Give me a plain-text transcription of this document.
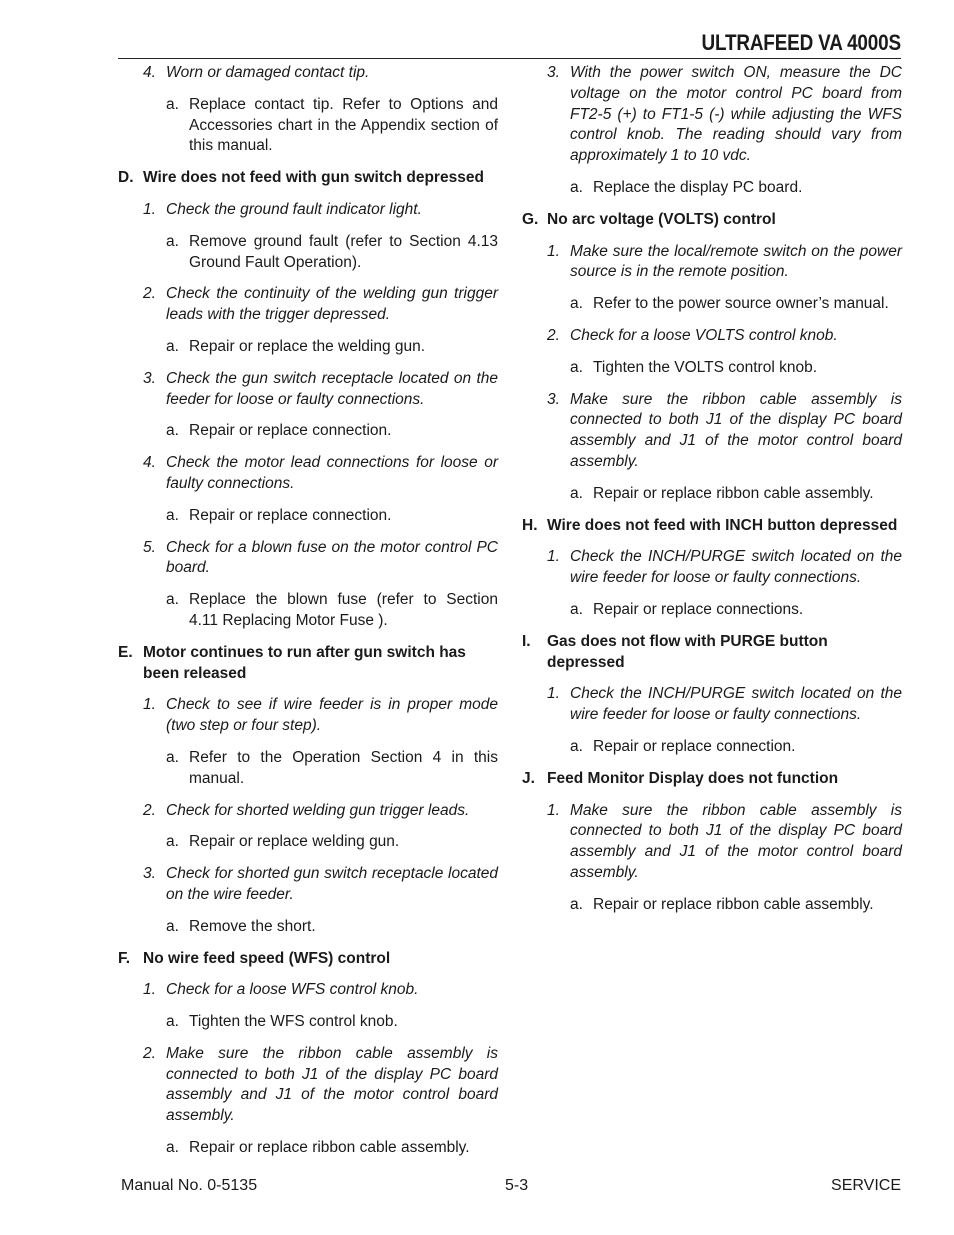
ULTRAFEED VA 4000S
4. Worn or damaged contact tip.
a. Replace contact tip. Refer to Options and Accessories chart in the Appendix section of this manual.
D. Wire does not feed with gun switch depressed
1. Check the ground fault indicator light.
a. Remove ground fault (refer to Section 4.13 Ground Fault Operation).
2. Check the continuity of the welding gun trigger leads with the trigger depressed.
a. Repair or replace the welding gun.
3. Check the gun switch receptacle located on the feeder for loose or faulty connections.
a. Repair or replace connection.
4. Check the motor lead connections for loose or faulty connections.
a. Repair or replace connection.
5. Check for a blown fuse on the motor control PC board.
a. Replace the blown fuse (refer to Section 4.11 Replacing Motor Fuse ).
E. Motor continues to run after gun switch has been released
1. Check to see if wire feeder is in proper mode (two step or four step).
a. Refer to the Operation Section 4 in this manual.
2. Check for shorted welding gun trigger leads.
a. Repair or replace welding gun.
3. Check for shorted gun switch receptacle located on the wire feeder.
a. Remove the short.
F. No wire feed speed (WFS) control
1. Check for a loose WFS control knob.
a. Tighten the WFS control knob.
2. Make sure the ribbon cable assembly is connected to both J1 of the display PC board assembly and J1 of the motor control board assembly.
a. Repair or replace ribbon cable assembly.
3. With the power switch ON, measure the DC voltage on the motor control PC board from FT2-5 (+) to FT1-5 (-) while adjusting the WFS control knob. The reading should vary from approximately 1 to 10 vdc.
a. Replace the display PC board.
G. No arc voltage (VOLTS) control
1. Make sure the local/remote switch on the power source is in the remote position.
a. Refer to the power source owner’s manual.
2. Check for a loose VOLTS control knob.
a. Tighten the VOLTS control knob.
3. Make sure the ribbon cable assembly is connected to both J1 of the display PC board assembly and J1 of the motor control board assembly.
a. Repair or replace ribbon cable assembly.
H. Wire does not feed with INCH button depressed
1. Check the INCH/PURGE switch located on the wire feeder for loose or faulty connections.
a. Repair or replace connections.
I. Gas does not flow with PURGE button depressed
1. Check the INCH/PURGE switch located on the wire feeder for loose or faulty connections.
a. Repair or replace connection.
J. Feed Monitor Display does not function
1. Make sure the ribbon cable assembly is connected to both J1 of the display PC board assembly and J1 of the motor control board assembly.
a. Repair or replace ribbon cable assembly.
Manual No. 0-5135	5-3	SERVICE
